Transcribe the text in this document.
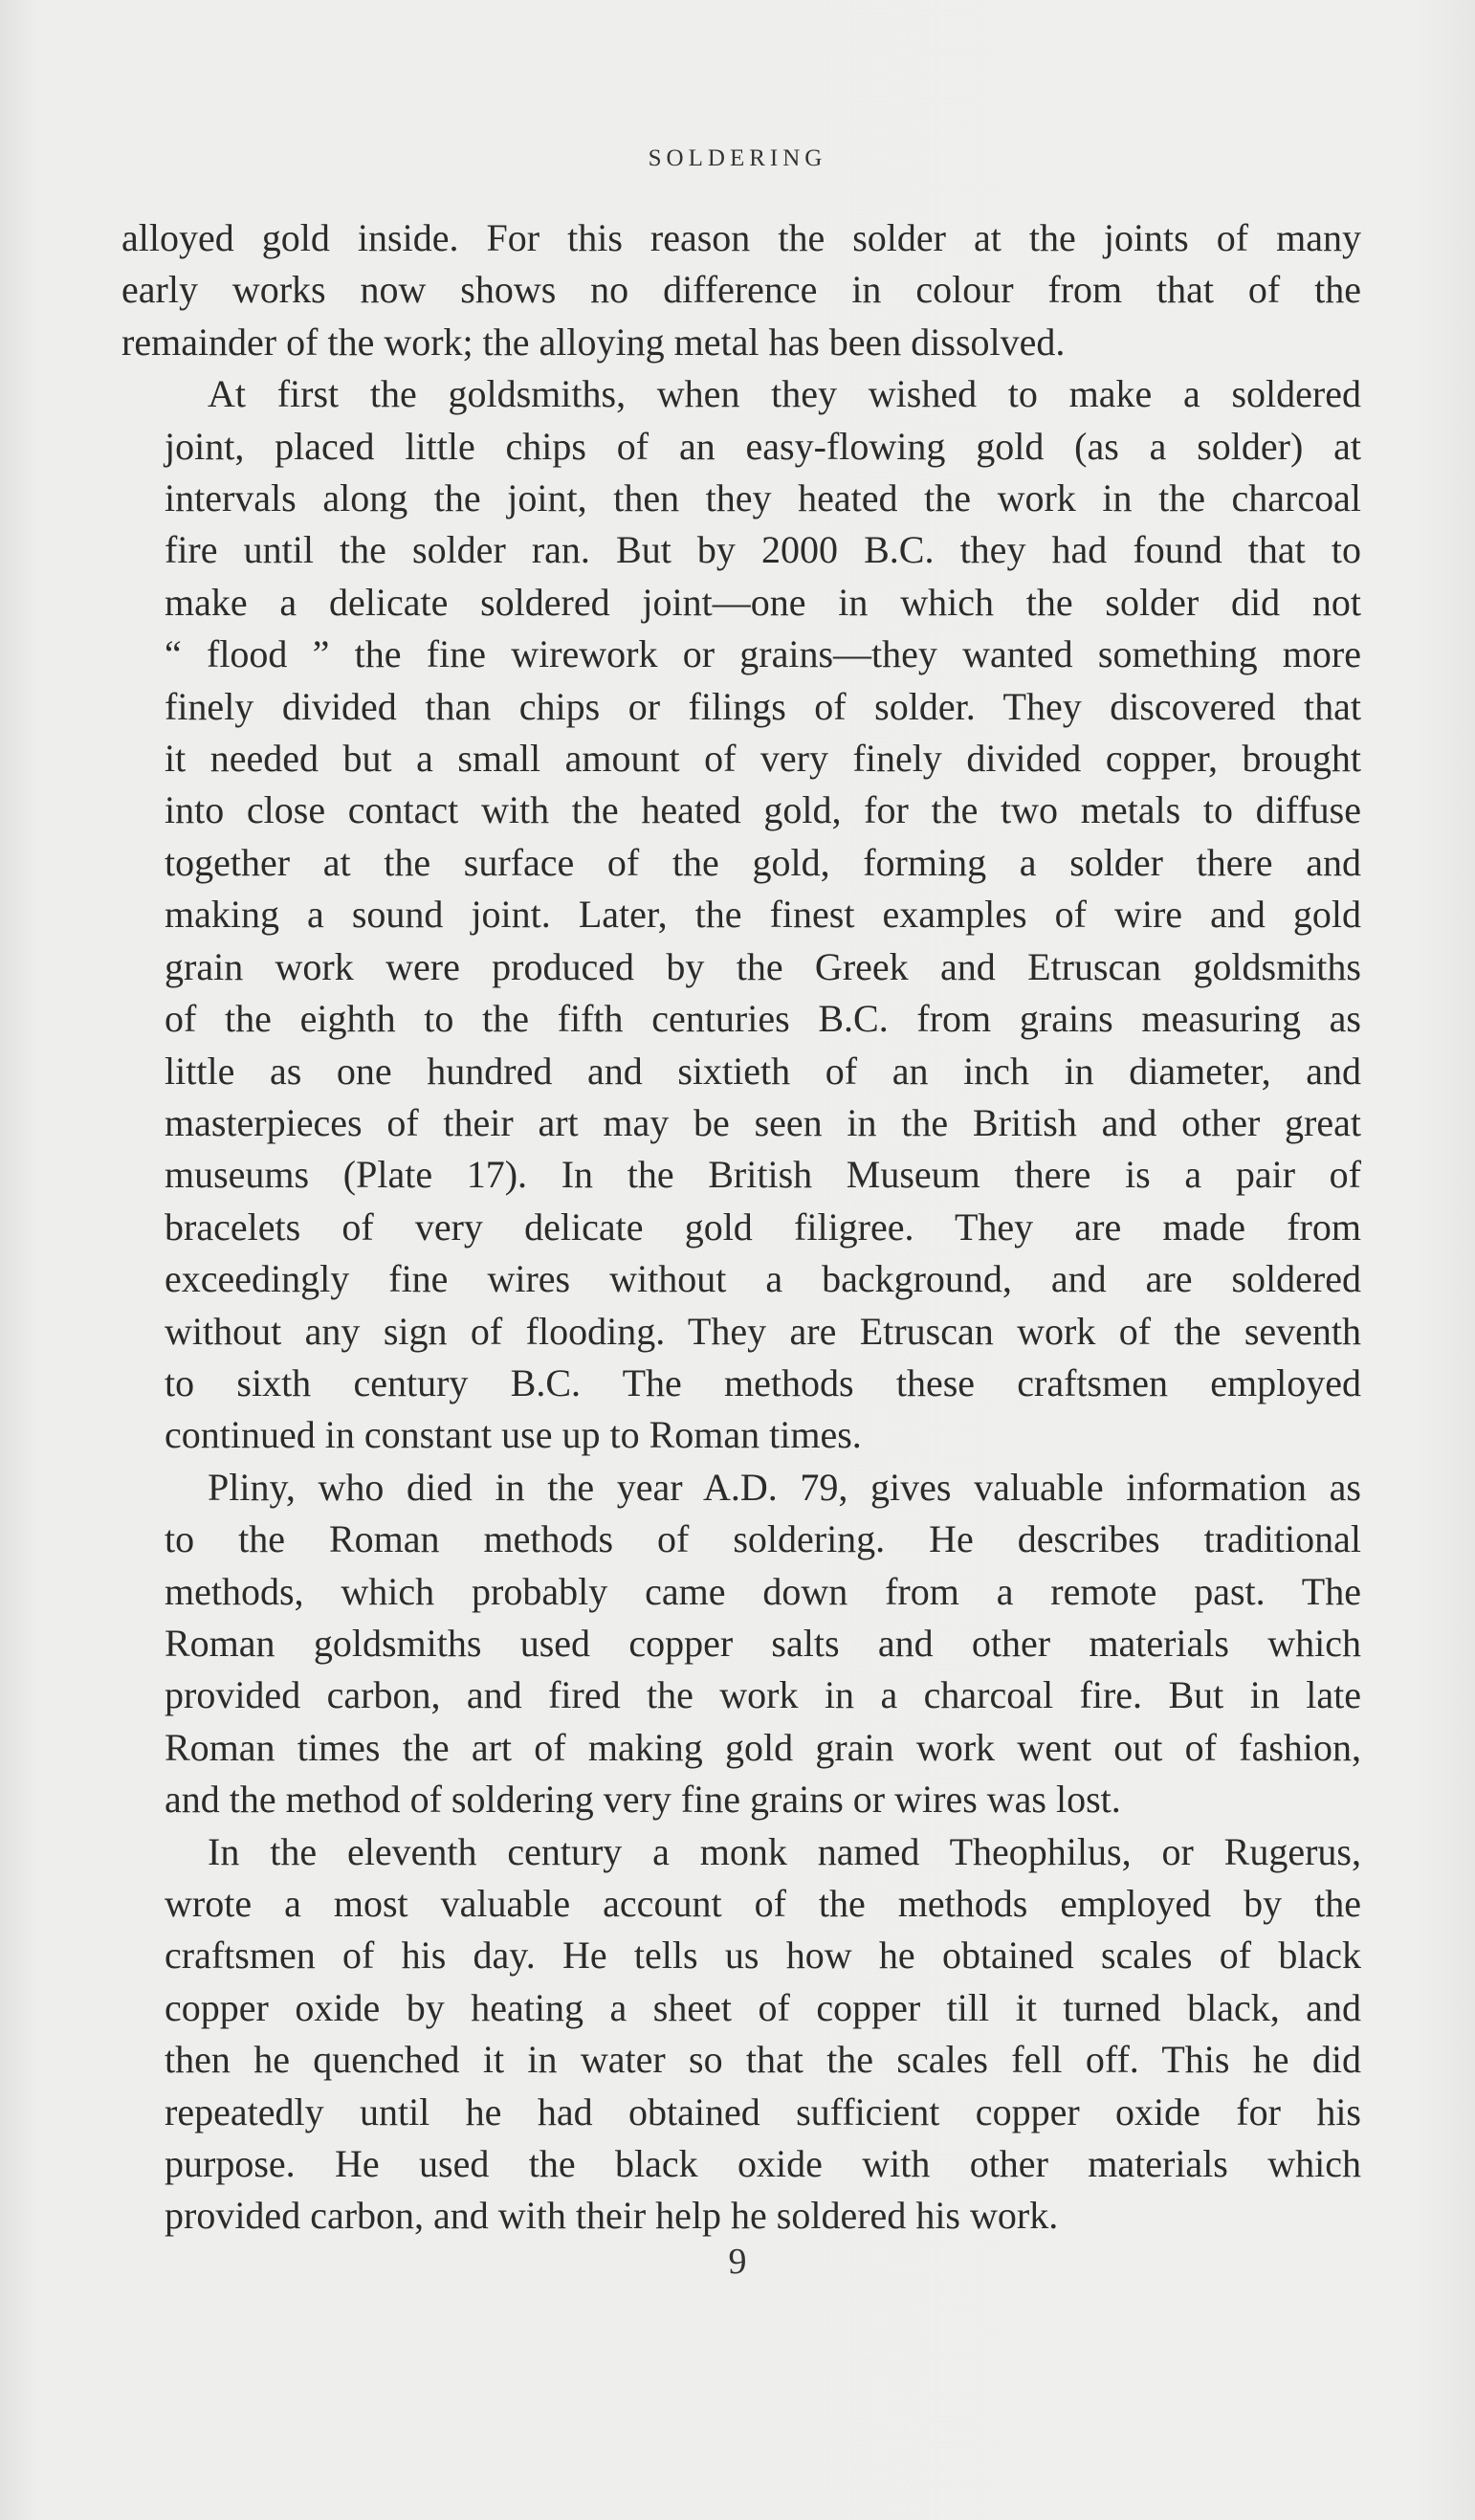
SOLDERING

alloyed gold inside. For this reason the solder at the joints of many
early works now shows no difference in colour from that of the
remainder of the work; the alloying metal has been dissolved.

At first the goldsmiths, when they wished to make a soldered
joint, placed little chips of an easy-flowing gold (as a solder) at
intervals along the joint, then they heated the work in the charcoal
fire until the solder ran. But by 2000 B.C. they had found that to
make a delicate soldered joint—one in which the solder did not
“ flood ” the fine wirework or grains—they wanted something more
finely divided than chips or filings of solder. They discovered that
it needed but a small amount of very finely divided copper, brought
into close contact with the heated gold, for the two metals to diffuse
together at the surface of the gold, forming a solder there and
making a sound joint. Later, the finest examples of wire and gold
grain work were produced by the Greek and Etruscan goldsmiths
of the eighth to the fifth centuries B.C. from grains measuring as
little as one hundred and sixtieth of an inch in diameter, and
masterpieces of their art may be seen in the British and other great
museums (Plate 17). In the British Museum there is a pair of
bracelets of very delicate gold filigree. They are made from
exceedingly fine wires without a background, and are soldered
without any sign of flooding. They are Etruscan work of the seventh
to sixth century B.C. The methods these craftsmen employed
continued in constant use up to Roman times.

Pliny, who died in the year A.D. 79, gives valuable information as
to the Roman methods of soldering. He describes traditional
methods, which probably came down from a remote past. The
Roman goldsmiths used copper salts and other materials which
provided carbon, and fired the work in a charcoal fire. But in late
Roman times the art of making gold grain work went out of fashion,
and the method of soldering very fine grains or wires was lost.

In the eleventh century a monk named Theophilus, or Rugerus,
wrote a most valuable account of the methods employed by the
craftsmen of his day. He tells us how he obtained scales of black
copper oxide by heating a sheet of copper till it turned black, and
then he quenched it in water so that the scales fell off. This he did
repeatedly until he had obtained sufficient copper oxide for his
purpose. He used the black oxide with other materials which
provided carbon, and with their help he soldered his work.

9
